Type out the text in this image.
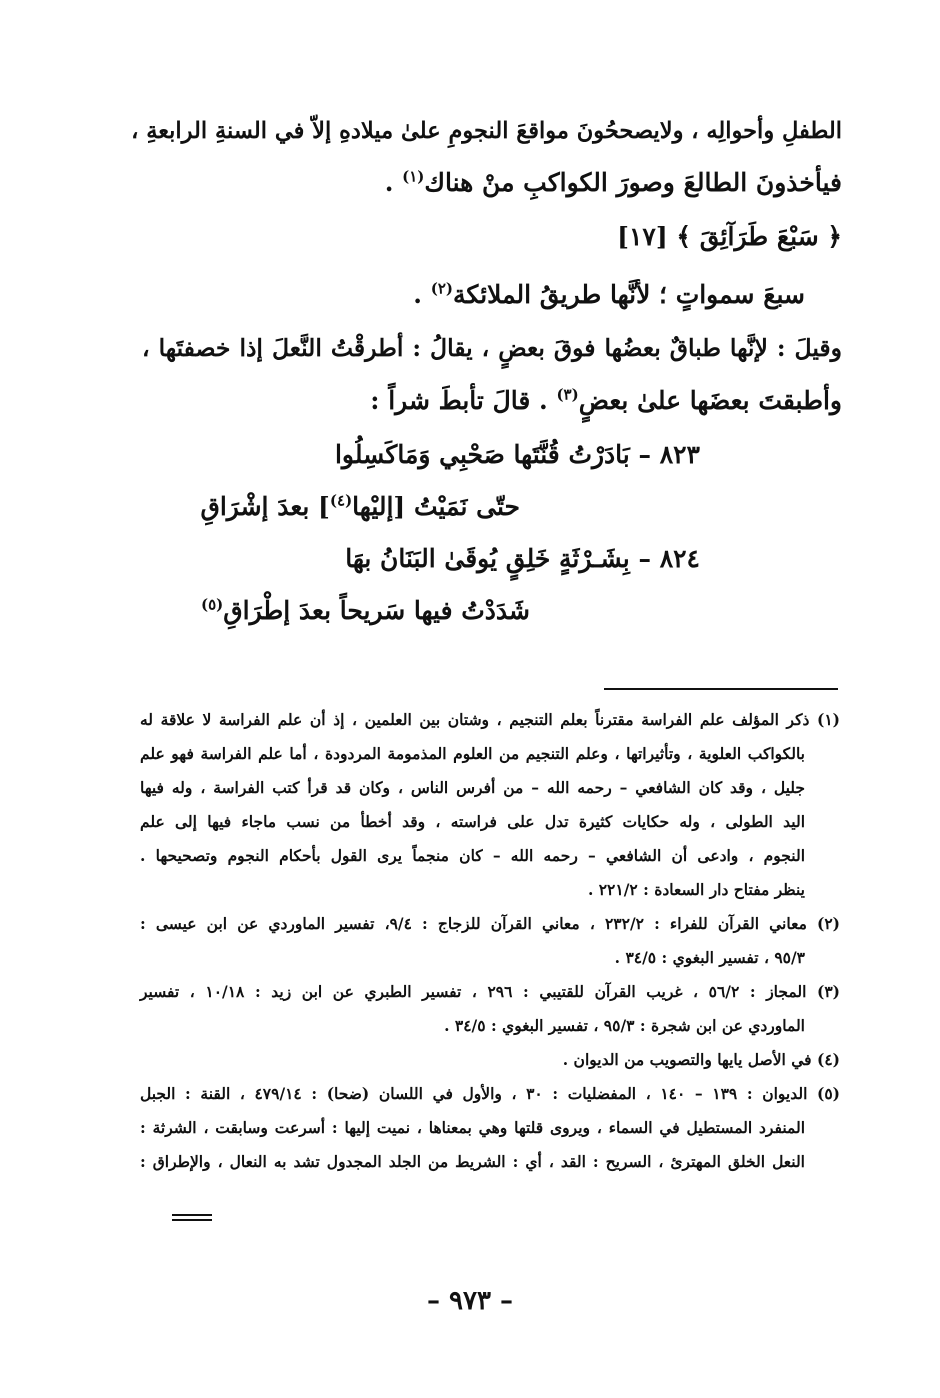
الطفلِ وأحوالِه ، ولايصححُونَ مواقعَ النجومِ علىٰ ميلادهِ إلاّ في السنةِ الرابعةِ ،
فيأخذونَ الطالعَ وصورَ الكواكبِ منْ هناك$^{(١)}$ .
﴿ سَبْعَ طَرَآئِقَ ﴾ [١٧]
سبعَ سمواتٍ ؛ لأنَّها طريقُ الملائكة$^{(٢)}$ .
وقيلَ : لإنَّها طباقٌ بعضُها فوقَ بعضٍ ، يقالُ : أطرقْتُ النَّعلَ إذا خصفتَها ،
وأطبقتَ بعضَها علىٰ بعضٍ$^{(٣)}$ . قالَ تأبطَ شراً :
٨٢٣ – بَادَرْتُ قُنَّتَها صَحْبِي وَمَاكَسِلُوا
حتّى نَمَيْتُ [إليْها$^{(٤)}$] بعدَ إشْرَاقِ
٨٢٤ – بِشَـرْثَةٍ خَلِقٍ يُوقَىٰ البَنَانُ بهَا
شَدَدْتُ فيها سَريحاً بعدَ إطْرَاقِ$^{(٥)}$
(١) ذكر المؤلف علم الفراسة مقترناً بعلم التنجيم ، وشتان بين العلمين ، إذ أن علم الفراسة لا علاقة له
بالكواكب العلوية ، وتأثيراتها ، وعلم التنجيم من العلوم المذمومة المردودة ، أما علم الفراسة فهو علم
جليل ، وقد كان الشافعي – رحمه الله – من أفرس الناس ، وكان قد قرأ كتب الفراسة ، وله فيها
اليد الطولى ، وله حكايات كثيرة تدل على فراسته ، وقد أخطأ من نسب ماجاء فيها إلى علم
النجوم ، وادعى أن الشافعي – رحمه الله – كان منجماً يرى القول بأحكام النجوم وتصحيحها .
ينظر مفتاح دار السعادة : ٢٢١/٢ .
(٢) معاني القرآن للفراء : ٢٣٢/٢ ، معاني القرآن للزجاج : ٩/٤، تفسير الماوردي عن ابن عيسى :
٩٥/٣ ، تفسير البغوي : ٣٤/٥ .
(٣) المجاز : ٥٦/٢ ، غريب القرآن للقتيبي : ٢٩٦ ، تفسير الطبري عن ابن زيد : ١٠/١٨ ، تفسير
الماوردي عن ابن شجرة : ٩٥/٣ ، تفسير البغوي : ٣٤/٥ .
(٤) في الأصل يايها والتصويب من الديوان .
(٥) الديوان : ١٣٩ – ١٤٠ ، المفضليات : ٣٠ ، والأول في اللسان (ضحا) : ٤٧٩/١٤ ، القنة : الجبل
المنفرد المستطيل في السماء ، ويروى قلتها وهي بمعناها ، نميت إليها : أسرعت وسابقت ، الشرثة :
النعل الخلق المهترئ ، السريح : القد ، أي : الشريط من الجلد المجدول تشد به النعال ، والإطراق :
– ٩٧٣ –
